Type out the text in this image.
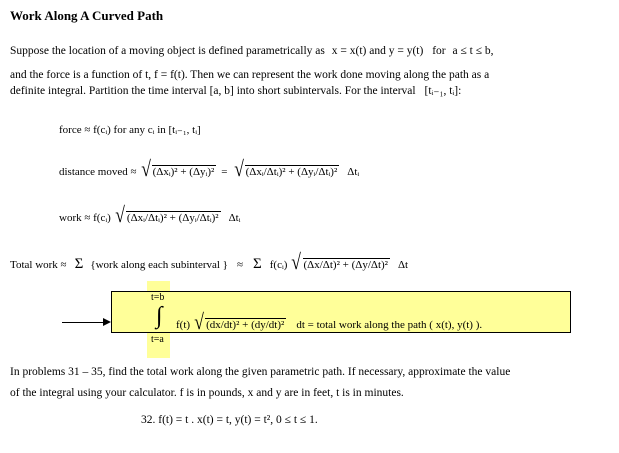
Work Along A Curved Path
Suppose the location of a moving object is defined parametrically as x = x(t) and y = y(t) for a ≤ t ≤ b,
and the force is a function of t, f = f(t). Then we can represent the work done moving along the path as a
definite integral. Partition the time interval [a, b] into short subintervals. For the interval [tᵢ₋₁, tᵢ]:
force ≈ f(cᵢ) for any cᵢ in [tᵢ₋₁, tᵢ]
distance moved ≈ √ (Δxᵢ)² + (Δyᵢ)² = √ (Δxᵢ/Δtᵢ)² + (Δyᵢ/Δtᵢ)² Δtᵢ
work ≈ f(cᵢ) √ (Δxᵢ/Δtᵢ)² + (Δyᵢ/Δtᵢ)² Δtᵢ
Total work ≈ Σ {work along each subinterval } ≈ Σ f(cᵢ) √ (Δx/Δt)² + (Δy/Δt)² Δt
t=b
∫
t=a
f(t) √ (dx/dt)² + (dy/dt)² dt = total work along the path ( x(t), y(t) ).
In problems 31 – 35, find the total work along the given parametric path. If necessary, approximate the value
of the integral using your calculator. f is in pounds, x and y are in feet, t is in minutes.
32. f(t) = t . x(t) = t, y(t) = t², 0 ≤ t ≤ 1.
